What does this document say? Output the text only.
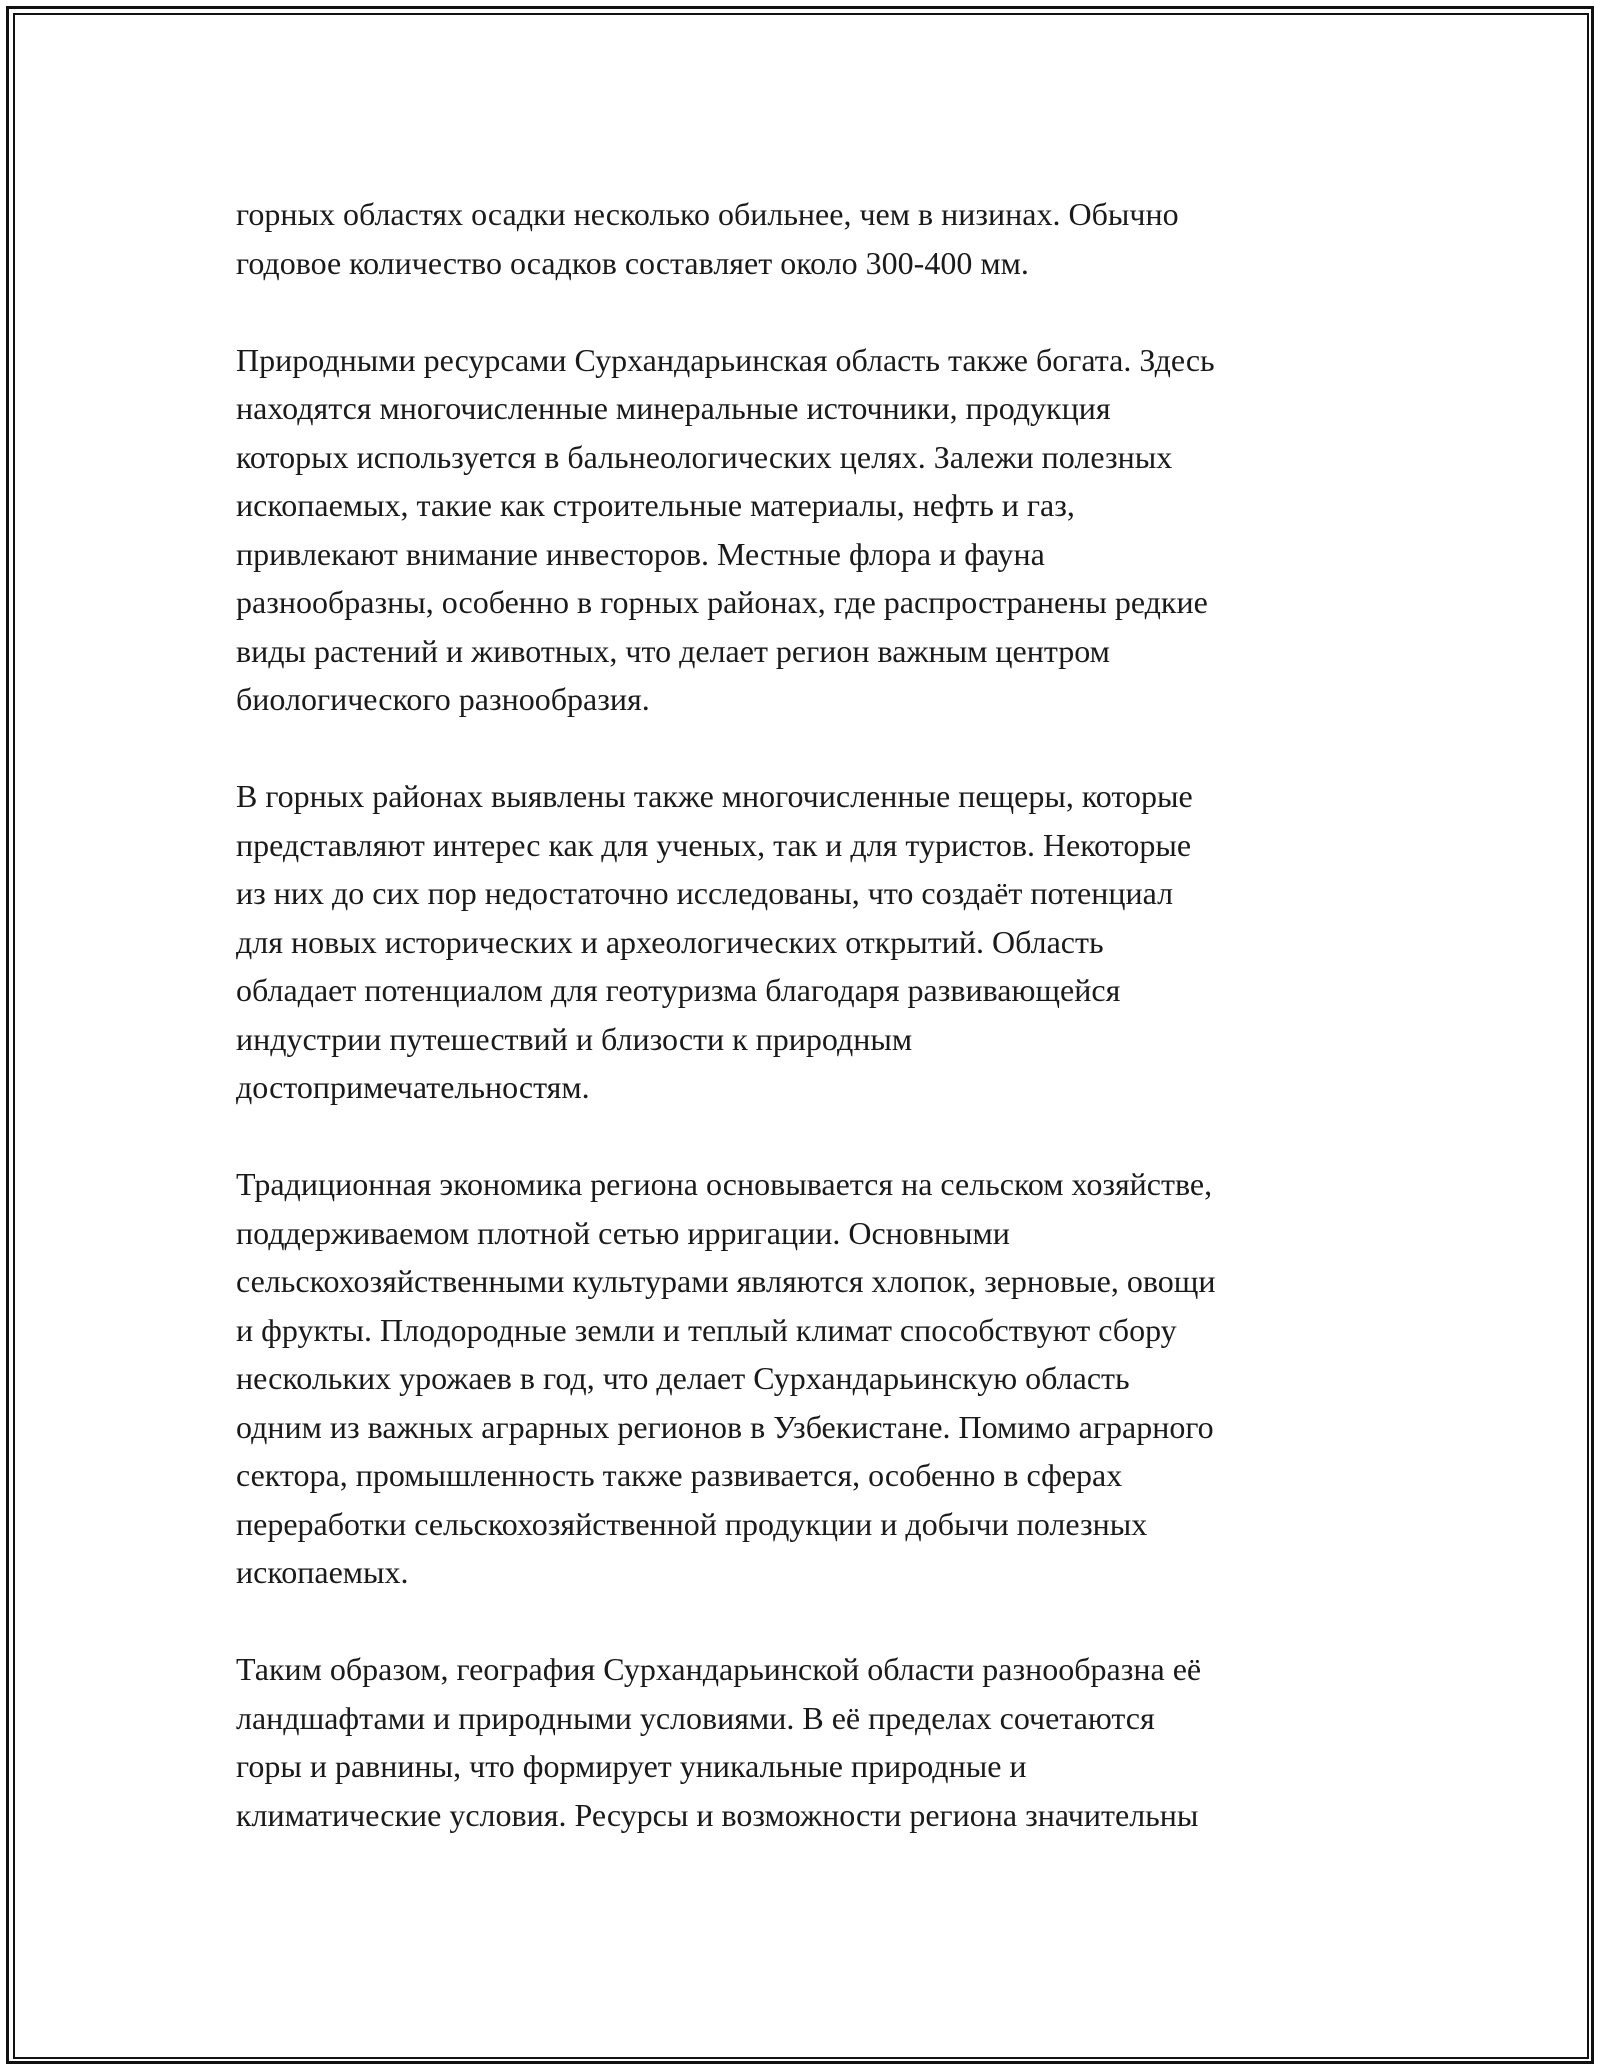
горных областях осадки несколько обильнее, чем в низинах. Обычно
годовое количество осадков составляет около 300-400 мм.

Природными ресурсами Сурхандарьинская область также богата. Здесь
находятся многочисленные минеральные источники, продукция
которых используется в бальнеологических целях. Залежи полезных
ископаемых, такие как строительные материалы, нефть и газ,
привлекают внимание инвесторов. Местные флора и фауна
разнообразны, особенно в горных районах, где распространены редкие
виды растений и животных, что делает регион важным центром
биологического разнообразия.

В горных районах выявлены также многочисленные пещеры, которые
представляют интерес как для ученых, так и для туристов. Некоторые
из них до сих пор недостаточно исследованы, что создаёт потенциал
для новых исторических и археологических открытий. Область
обладает потенциалом для геотуризма благодаря развивающейся
индустрии путешествий и близости к природным
достопримечательностям.

Традиционная экономика региона основывается на сельском хозяйстве,
поддерживаемом плотной сетью ирригации. Основными
сельскохозяйственными культурами являются хлопок, зерновые, овощи
и фрукты. Плодородные земли и теплый климат способствуют сбору
нескольких урожаев в год, что делает Сурхандарьинскую область
одним из важных аграрных регионов в Узбекистане. Помимо аграрного
сектора, промышленность также развивается, особенно в сферах
переработки сельскохозяйственной продукции и добычи полезных
ископаемых.

Таким образом, география Сурхандарьинской области разнообразна её
ландшафтами и природными условиями. В её пределах сочетаются
горы и равнины, что формирует уникальные природные и
климатические условия. Ресурсы и возможности региона значительны
